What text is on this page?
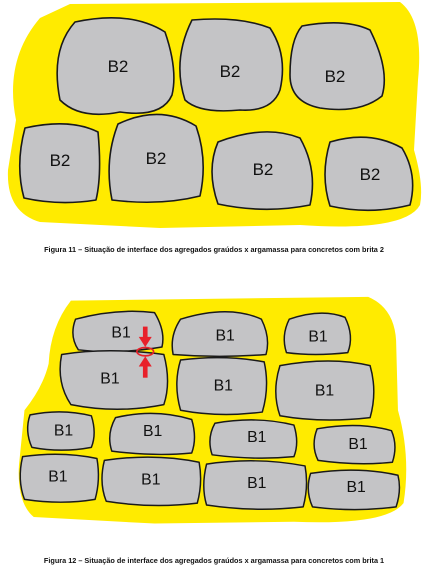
B2	B2	B2
B2	B2
B2	B2
Figura 11 – Situação de interface dos agregados graúdos x argamassa para concretos com brita 2
B1	B1	B1
B1	B1	B1
B1	B1	B1	B1
B1	B1	B1	B1
Figura 12 – Situação de interface dos agregados graúdos x argamassa para concretos com brita 1
